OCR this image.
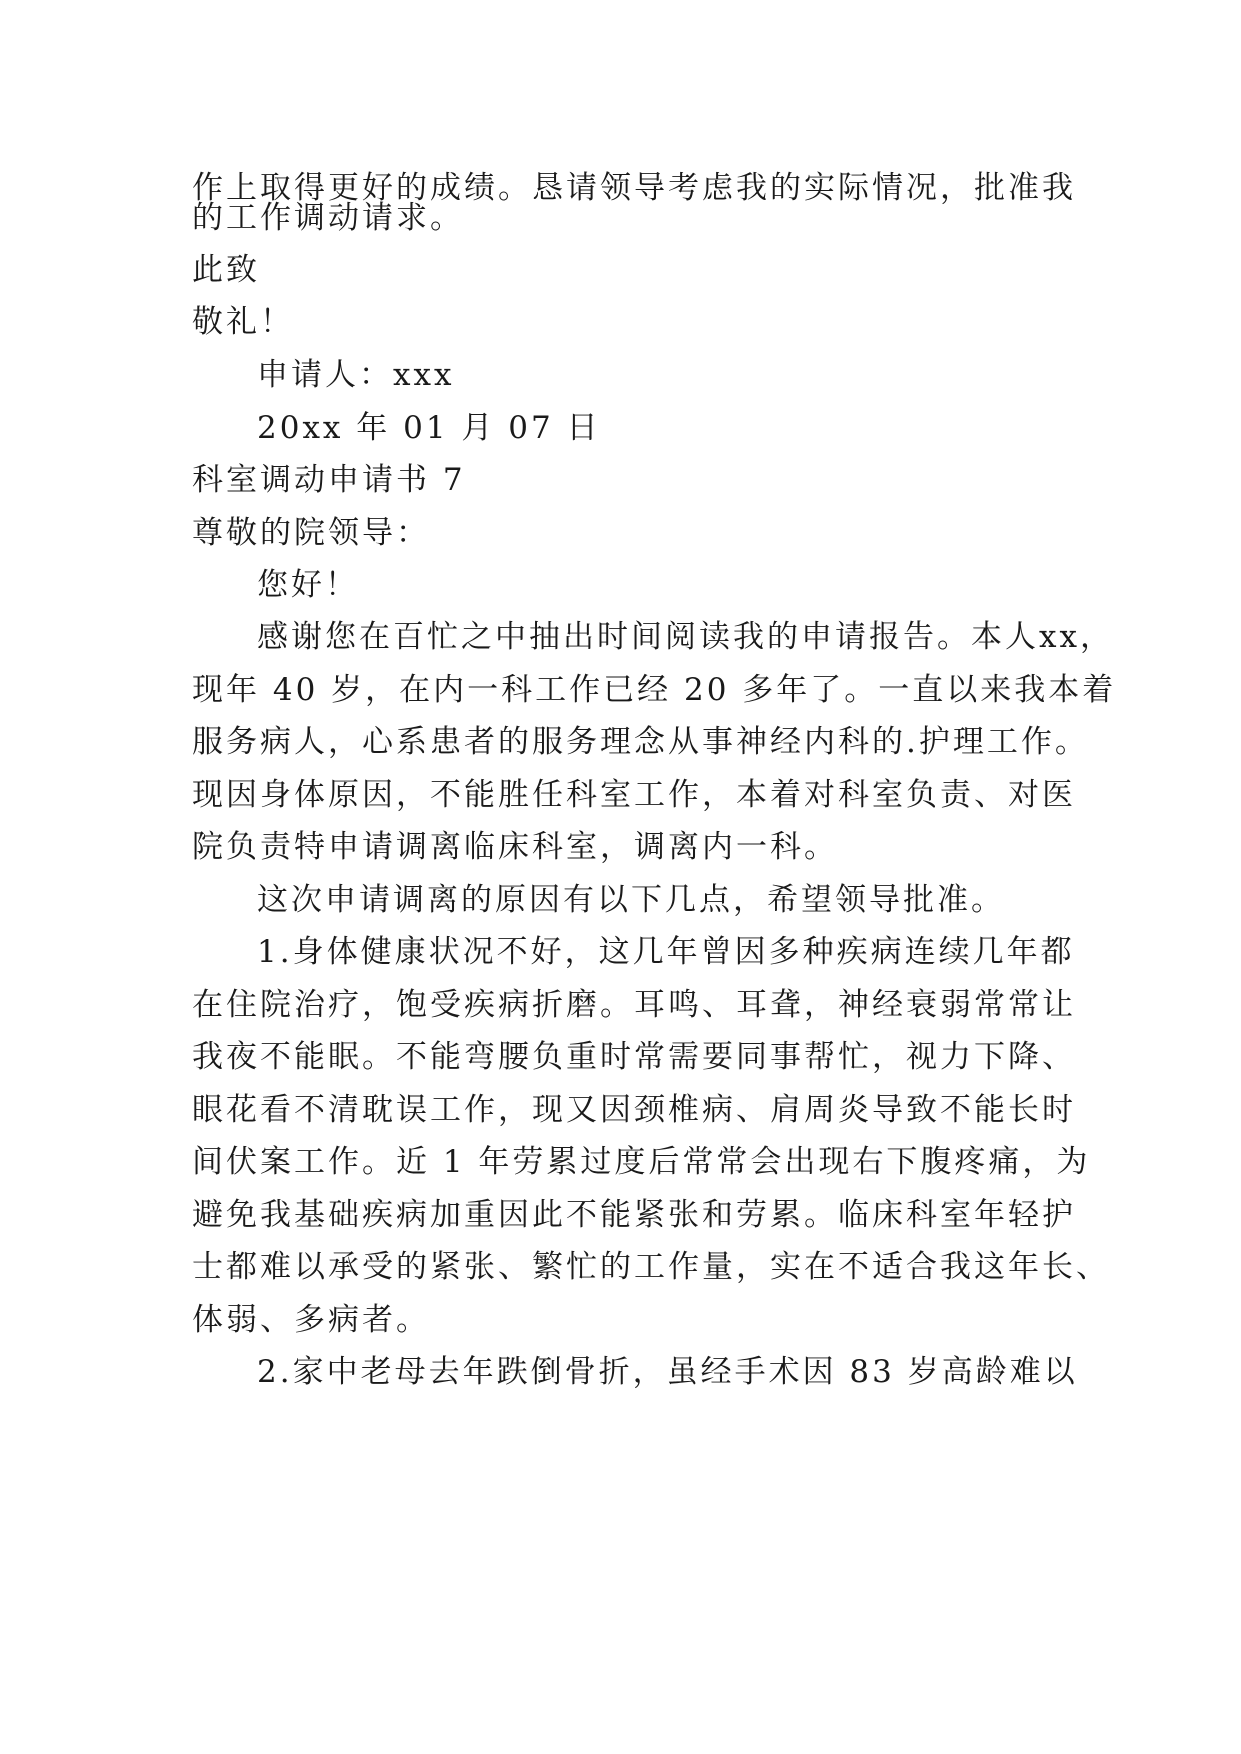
作上取得更好的成绩。恳请领导考虑我的实际情况，批准我
的工作调动请求。
此致
敬礼！
申请人：xxx
20xx 年 01 月 07 日
科室调动申请书 7
尊敬的院领导：
您好！
感谢您在百忙之中抽出时间阅读我的申请报告。本人xx，
现年 40 岁，在内一科工作已经 20 多年了。一直以来我本着
服务病人，心系患者的服务理念从事神经内科的.护理工作。
现因身体原因，不能胜任科室工作，本着对科室负责、对医
院负责特申请调离临床科室，调离内一科。
这次申请调离的原因有以下几点，希望领导批准。
1.身体健康状况不好，这几年曾因多种疾病连续几年都
在住院治疗，饱受疾病折磨。耳鸣、耳聋，神经衰弱常常让
我夜不能眠。不能弯腰负重时常需要同事帮忙，视力下降、
眼花看不清耽误工作，现又因颈椎病、肩周炎导致不能长时
间伏案工作。近 1 年劳累过度后常常会出现右下腹疼痛，为
避免我基础疾病加重因此不能紧张和劳累。临床科室年轻护
士都难以承受的紧张、繁忙的工作量，实在不适合我这年长、
体弱、多病者。
2.家中老母去年跌倒骨折，虽经手术因 83 岁高龄难以
